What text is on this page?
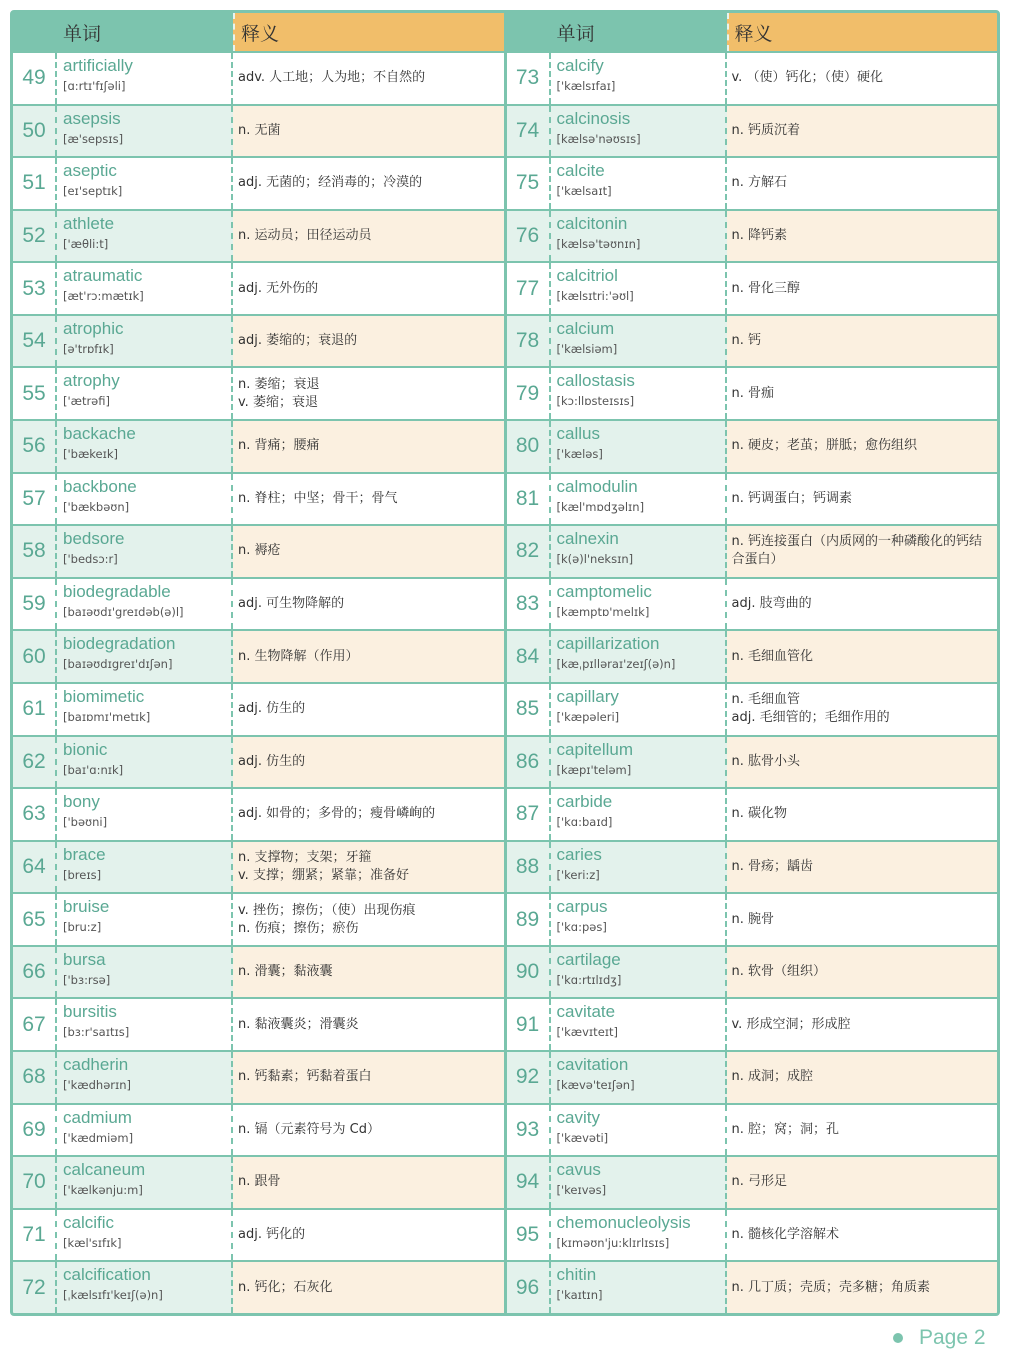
单词	释义
49
artificially
[ɑ:rtɪ'fɪʃəli]
adv. 人工地；人为地；不自然的
50
asepsis
[æ'sepsɪs]
n. 无菌
51
aseptic
[eɪ'septɪk]
adj. 无菌的；经消毒的；冷漠的
52
athlete
['æθli:t]
n. 运动员；田径运动员
53
atraumatic
[æt'rɔ:mætɪk]
adj. 无外伤的
54
atrophic
[ə'trɒfɪk]
adj. 萎缩的；衰退的
55
atrophy
['ætrəfi]
n. 萎缩；衰退
v. 萎缩；衰退
56
backache
['bækeɪk]
n. 背痛；腰痛
57
backbone
['bækbəʊn]
n. 脊柱；中坚；骨干；骨气
58
bedsore
['bedsɔ:r]
n. 褥疮
59
biodegradable
[baɪəʊdɪ'greɪdəb(ə)l]
adj. 可生物降解的
60
biodegradation
[baɪəʊdɪgreɪ'dɪʃən]
n. 生物降解（作用）
61
biomimetic
[baɪɒmɪ'metɪk]
adj. 仿生的
62
bionic
[baɪ'ɑ:nɪk]
adj. 仿生的
63
bony
['bəʊni]
adj. 如骨的；多骨的；瘦骨嶙峋的
64
brace
[breɪs]
n. 支撑物；支架；牙箍
v. 支撑；绷紧；紧靠；准备好
65
bruise
[bru:z]
v. 挫伤；擦伤；（使）出现伤痕
n. 伤痕；擦伤；瘀伤
66
bursa
['bɜ:rsə]
n. 滑囊；黏液囊
67
bursitis
[bɜ:r'saɪtɪs]
n. 黏液囊炎；滑囊炎
68
cadherin
['kædhərɪn]
n. 钙黏素；钙黏着蛋白
69
cadmium
['kædmiəm]
n. 镉（元素符号为 Cd）
70
calcaneum
['kælkənju:m]
n. 跟骨
71
calcific
[kæl'sɪfɪk]
adj. 钙化的
72
calcification
[ˌkælsɪfɪ'keɪʃ(ə)n]
n. 钙化；石灰化
单词	释义
73
calcify
['kælsɪfaɪ]
v. （使）钙化；（使）硬化
74
calcinosis
[kælsə'nəʊsɪs]
n. 钙质沉着
75
calcite
['kælsaɪt]
n. 方解石
76
calcitonin
[kælsə'təʊnɪn]
n. 降钙素
77
calcitriol
[kælsɪtri:'əʊl]
n. 骨化三醇
78
calcium
['kælsiəm]
n. 钙
79
callostasis
[kɔ:llɒsteɪsɪs]
n. 骨痂
80
callus
['kæləs]
n. 硬皮；老茧；胼胝；愈伤组织
81
calmodulin
[kæl'mɒdʒəlɪn]
n. 钙调蛋白；钙调素
82
calnexin
[k(ə)l'neksɪn]
n. 钙连接蛋白（内质网的一种磷酸化的钙结合蛋白）
83
camptomelic
[kæmptɒ'melɪk]
adj. 肢弯曲的
84
capillarization
[kæˌpɪlləraɪ'zeɪʃ(ə)n]
n. 毛细血管化
85
capillary
['kæpəleri]
n. 毛细血管
adj. 毛细管的；毛细作用的
86
capitellum
[kæpɪ'teləm]
n. 肱骨小头
87
carbide
['kɑ:baɪd]
n. 碳化物
88
caries
['keri:z]
n. 骨疡；龋齿
89
carpus
['kɑ:pəs]
n. 腕骨
90
cartilage
['kɑ:rtɪlɪdʒ]
n. 软骨（组织）
91
cavitate
['kævɪteɪt]
v. 形成空洞；形成腔
92
cavitation
[kævə'teɪʃən]
n. 成洞；成腔
93
cavity
['kævəti]
n. 腔；窝；洞；孔
94
cavus
['keɪvəs]
n. 弓形足
95
chemonucleolysis
[kɪməʊn'ju:klɪrlɪsɪs]
n. 髓核化学溶解术
96
chitin
['kaɪtɪn]
n. 几丁质；壳质；壳多糖；角质素
Page 2
